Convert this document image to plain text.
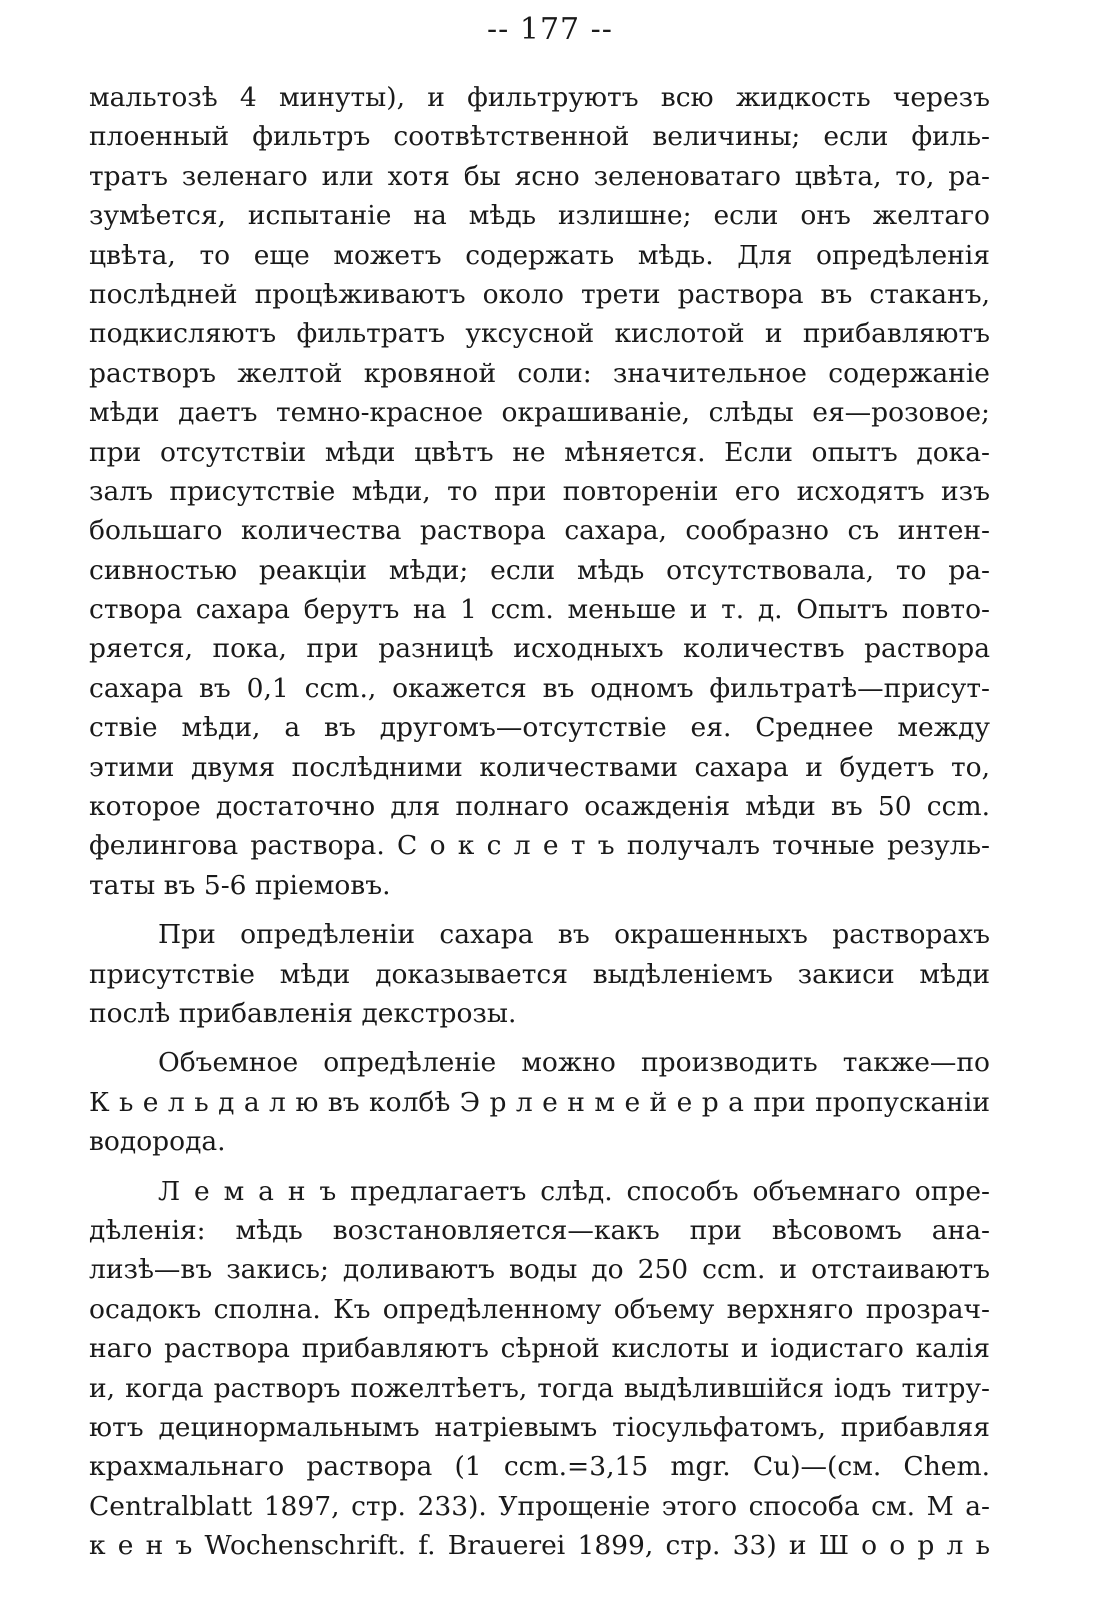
-- 177 --
мальтозѣ 4 минуты), и фильтруютъ всю жидкость черезъ
плоенный фильтръ соотвѣтственной величины; если филь-
тратъ зеленаго или хотя бы ясно зеленоватаго цвѣта, то, ра-
зумѣется, испытанie на мѣдь излишне; если онъ желтаго
цвѣта, то еще можетъ содержать мѣдь. Для опредѣленiя
послѣдней процѣживаютъ около трети раствора въ стаканъ,
подкисляютъ фильтратъ уксусной кислотой и прибавляютъ
растворъ желтой кровяной соли: значительное содержанie
мѣди даетъ темно-красное окрашиванie, слѣды ея—розовое;
при отсутствiи мѣди цвѣтъ не мѣняется. Если опытъ дока-
залъ присутствie мѣди, то при повторенiи его исходятъ изъ
большаго количества раствора сахара, сообразно съ интен-
сивностью реакцiи мѣди; если мѣдь отсутствовала, то ра-
створа сахара берутъ на 1 ccm. меньше и т. д. Опытъ повто-
ряется, пока, при разницѣ исходныхъ количествъ раствора
сахара въ 0,1 ccm., окажется въ одномъ фильтратѣ—присут-
ствie мѣди, а въ другомъ—отсутствie ея. Среднее между
этими двумя послѣдними количествами сахара и будетъ то,
которое достаточно для полнаго осажденiя мѣди въ 50 ccm.
фелингова раствора. С о к с л е т ъ получалъ точные резуль-
таты въ 5-6 прiемовъ.
При опредѣленiи сахара въ окрашенныхъ растворахъ
присутствie мѣди доказывается выдѣленiемъ закиси мѣди
послѣ прибавленiя декстрозы.
Объемное опредѣленie можно производить также—по
К ь е л ь д а л ю въ колбѣ Э р л е н м е й е р а при пропусканiи
водорода.
Л е м а н ъ предлагаетъ слѣд. способъ объемнаго опре-
дѣленiя: мѣдь возстановляется—какъ при вѣсовомъ ана-
лизѣ—въ закись; доливаютъ воды до 250 ccm. и отстаиваютъ
осадокъ сполна. Къ опредѣленному объему верхняго прозрач-
наго раствора прибавляютъ сѣрной кислоты и iодистаго калiя
и, когда растворъ пожелтѣетъ, тогда выдѣлившiйся iодъ титру-
ютъ децинормальнымъ натрiевымъ тiосульфатомъ, прибавляя
крахмальнаго раствора (1 ccm.=3,15 mgr. Cu)—(см. Chem.
Centralblatt 1897, стр. 233). Упрощенie этого способа см. М а-
к е н ъ Wochenschrift. f. Brauerei 1899, стр. 33) и Ш о о р л ь
